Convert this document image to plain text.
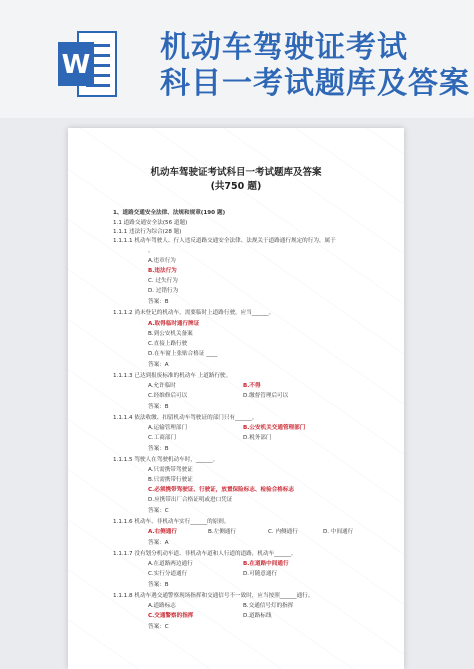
W 机动车驾驶证考试
科目一考试题库及答案
机动车驾驶证考试科目一考试题库及答案
(共750 题)
1、道路交通安全法律、法规和规章(190 题)
1.1 道路交通安全法(56 道题)
1.1.1 违法行为综合(28 题)
1.1.1.1 机动车驾驶人、行人违反道路交通安全法律、法规关于道路通行规定的行为，属于
。
A.违章行为
B.违法行为
C. 过失行为
D. 过错行为
答案：B
1.1.1.2 尚未登记的机动车，需要临时上道路行驶，应当______。
A.取得临时通行牌证
B.到公安机关备案
C.直接上路行驶
D.在车窗上张贴合格证 ____
答案：A
1.1.1.3 已达到报废标准的机动车 上道路行驶。
A.允许临时	B.不得
C.经维修后可以	D.缴督管理后可以
答案：B
1.1.1.4 依法收缴、扣留机动车驾驶证的部门只有______。
A.运输管理部门	B.公安机关交通管理部门
C.工商部门	D.税务部门
答案：B
1.1.1.5 驾驶人在驾驶机动车时，______。
A.只需携带驾驶证
B.只需携带行驶证
C.必须携带驾驶证、行驶证，放置保险标志、检验合格标志
D.应携带出厂合格证明或进口凭证
答案：C
1.1.1.6 机动车、非机动车实行______的原则。
A.右侧通行	B.左侧通行	C. 内侧通行	D. 中间通行
答案：A
1.1.1.7 没有划分机动车道、非机动车道和人行道的道路，机动车______。
A.在道路两边通行	B.在道路中间通行
C.实行分道通行	D.可随意通行
答案：B
1.1.1.8 机动车遇交通警察现场指挥和交通信号不一致时，应当按照______通行。
A.道路标志	B.交通信号灯的指挥
C.交通警察的指挥	D.道路标线
答案：C
